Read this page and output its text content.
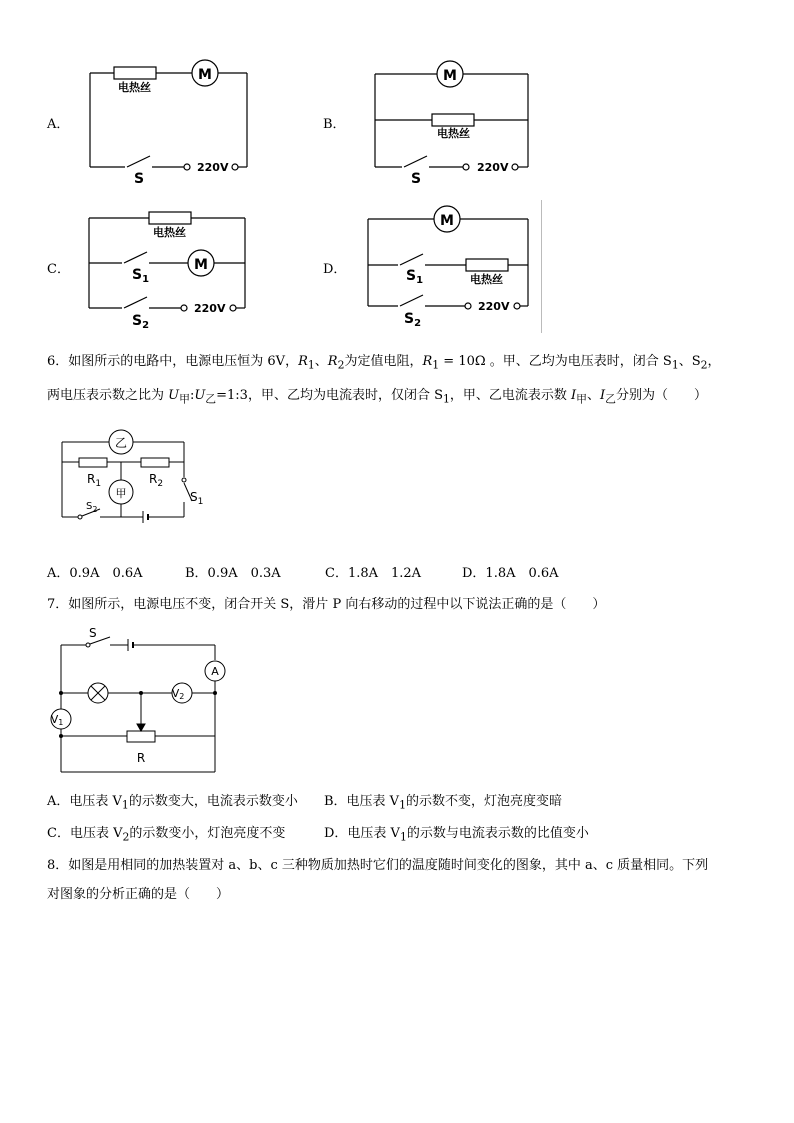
A．	B．
C．	D．
电热丝
M
S
220V
电热丝
M
S
220V
电热丝
M
$S_1$
$S_2$
220V
M
电热丝
$S_1$
$S_2$
220V
6．如图所示的电路中，电源电压恒为 6V，$R_1$、$R_2$为定值电阻，$R_1 = 10\Omega$ 。甲、乙均为电压表时，闭合 $S_1$、$S_2$，
两电压表示数之比为 $U_甲:U_乙=1:3$，甲、乙均为电流表时，仅闭合 $S_1$，甲、乙电流表示数 $I_甲$、$I_乙$分别为（　　）
乙
甲
$R_1$	$R_2$
$S_1$
$S_2$
A．0.9A　0.6A	B．0.9A　0.3A	C．1.8A　1.2A	D．1.8A　0.6A
7．如图所示，电源电压不变，闭合开关 S，滑片 P 向右移动的过程中以下说法正确的是（　　）
S
A
V1
V2
R
A．电压表 $V_1$的示数变大，电流表示数变小 B．电压表 $V_1$的示数不变，灯泡亮度变暗
C．电压表 $V_2$的示数变小，灯泡亮度不变	D．电压表 $V_1$的示数与电流表示数的比值变小
8．如图是用相同的加热装置对 a、b、c 三种物质加热时它们的温度随时间变化的图象，其中 a、c 质量相同。下列
对图象的分析正确的是（　　）
